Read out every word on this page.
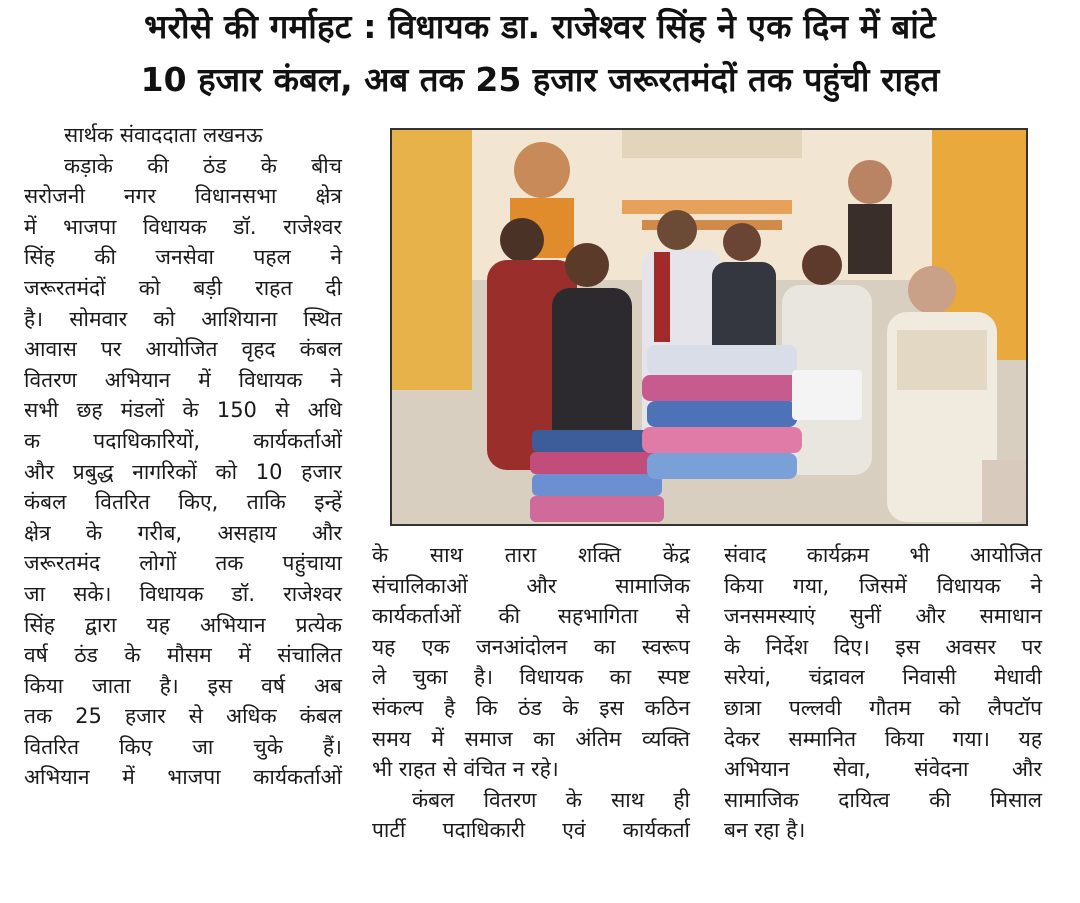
भरोसे की गर्माहट : विधायक डा. राजेश्वर सिंह ने एक दिन में बांटे
10 हजार कंबल, अब तक 25 हजार जरूरतमंदों तक पहुंची राहत
सार्थक संवाददाता लखनऊ
कड़ाके की ठंड के बीच
सरोजनी नगर विधानसभा क्षेत्र
में भाजपा विधायक डॉ. राजेश्वर
सिंह की जनसेवा पहल ने
जरूरतमंदों को बड़ी राहत दी
है। सोमवार को आशियाना स्थित
आवास पर आयोजित वृहद कंबल
वितरण अभियान में विधायक ने
सभी छह मंडलों के 150 से अधि
क पदाधिकारियों, कार्यकर्ताओं
और प्रबुद्ध नागरिकों को 10 हजार
कंबल वितरित किए, ताकि इन्हें
क्षेत्र के गरीब, असहाय और
जरूरतमंद लोगों तक पहुंचाया
जा सके। विधायक डॉ. राजेश्वर
सिंह द्वारा यह अभियान प्रत्येक
वर्ष ठंड के मौसम में संचालित
किया जाता है। इस वर्ष अब
तक 25 हजार से अधिक कंबल
वितरित किए जा चुके हैं।
अभियान में भाजपा कार्यकर्ताओं
के साथ तारा शक्ति केंद्र
संचालिकाओं और सामाजिक
कार्यकर्ताओं की सहभागिता से
यह एक जनआंदोलन का स्वरूप
ले चुका है। विधायक का स्पष्ट
संकल्प है कि ठंड के इस कठिन
समय में समाज का अंतिम व्यक्ति
भी राहत से वंचित न रहे।
कंबल वितरण के साथ ही
पार्टी पदाधिकारी एवं कार्यकर्ता
संवाद कार्यक्रम भी आयोजित
किया गया, जिसमें विधायक ने
जनसमस्याएं सुनीं और समाधान
के निर्देश दिए। इस अवसर पर
सरेयां, चंद्रावल निवासी मेधावी
छात्रा पल्लवी गौतम को लैपटॉप
देकर सम्मानित किया गया। यह
अभियान सेवा, संवेदना और
सामाजिक दायित्व की मिसाल
बन रहा है।
